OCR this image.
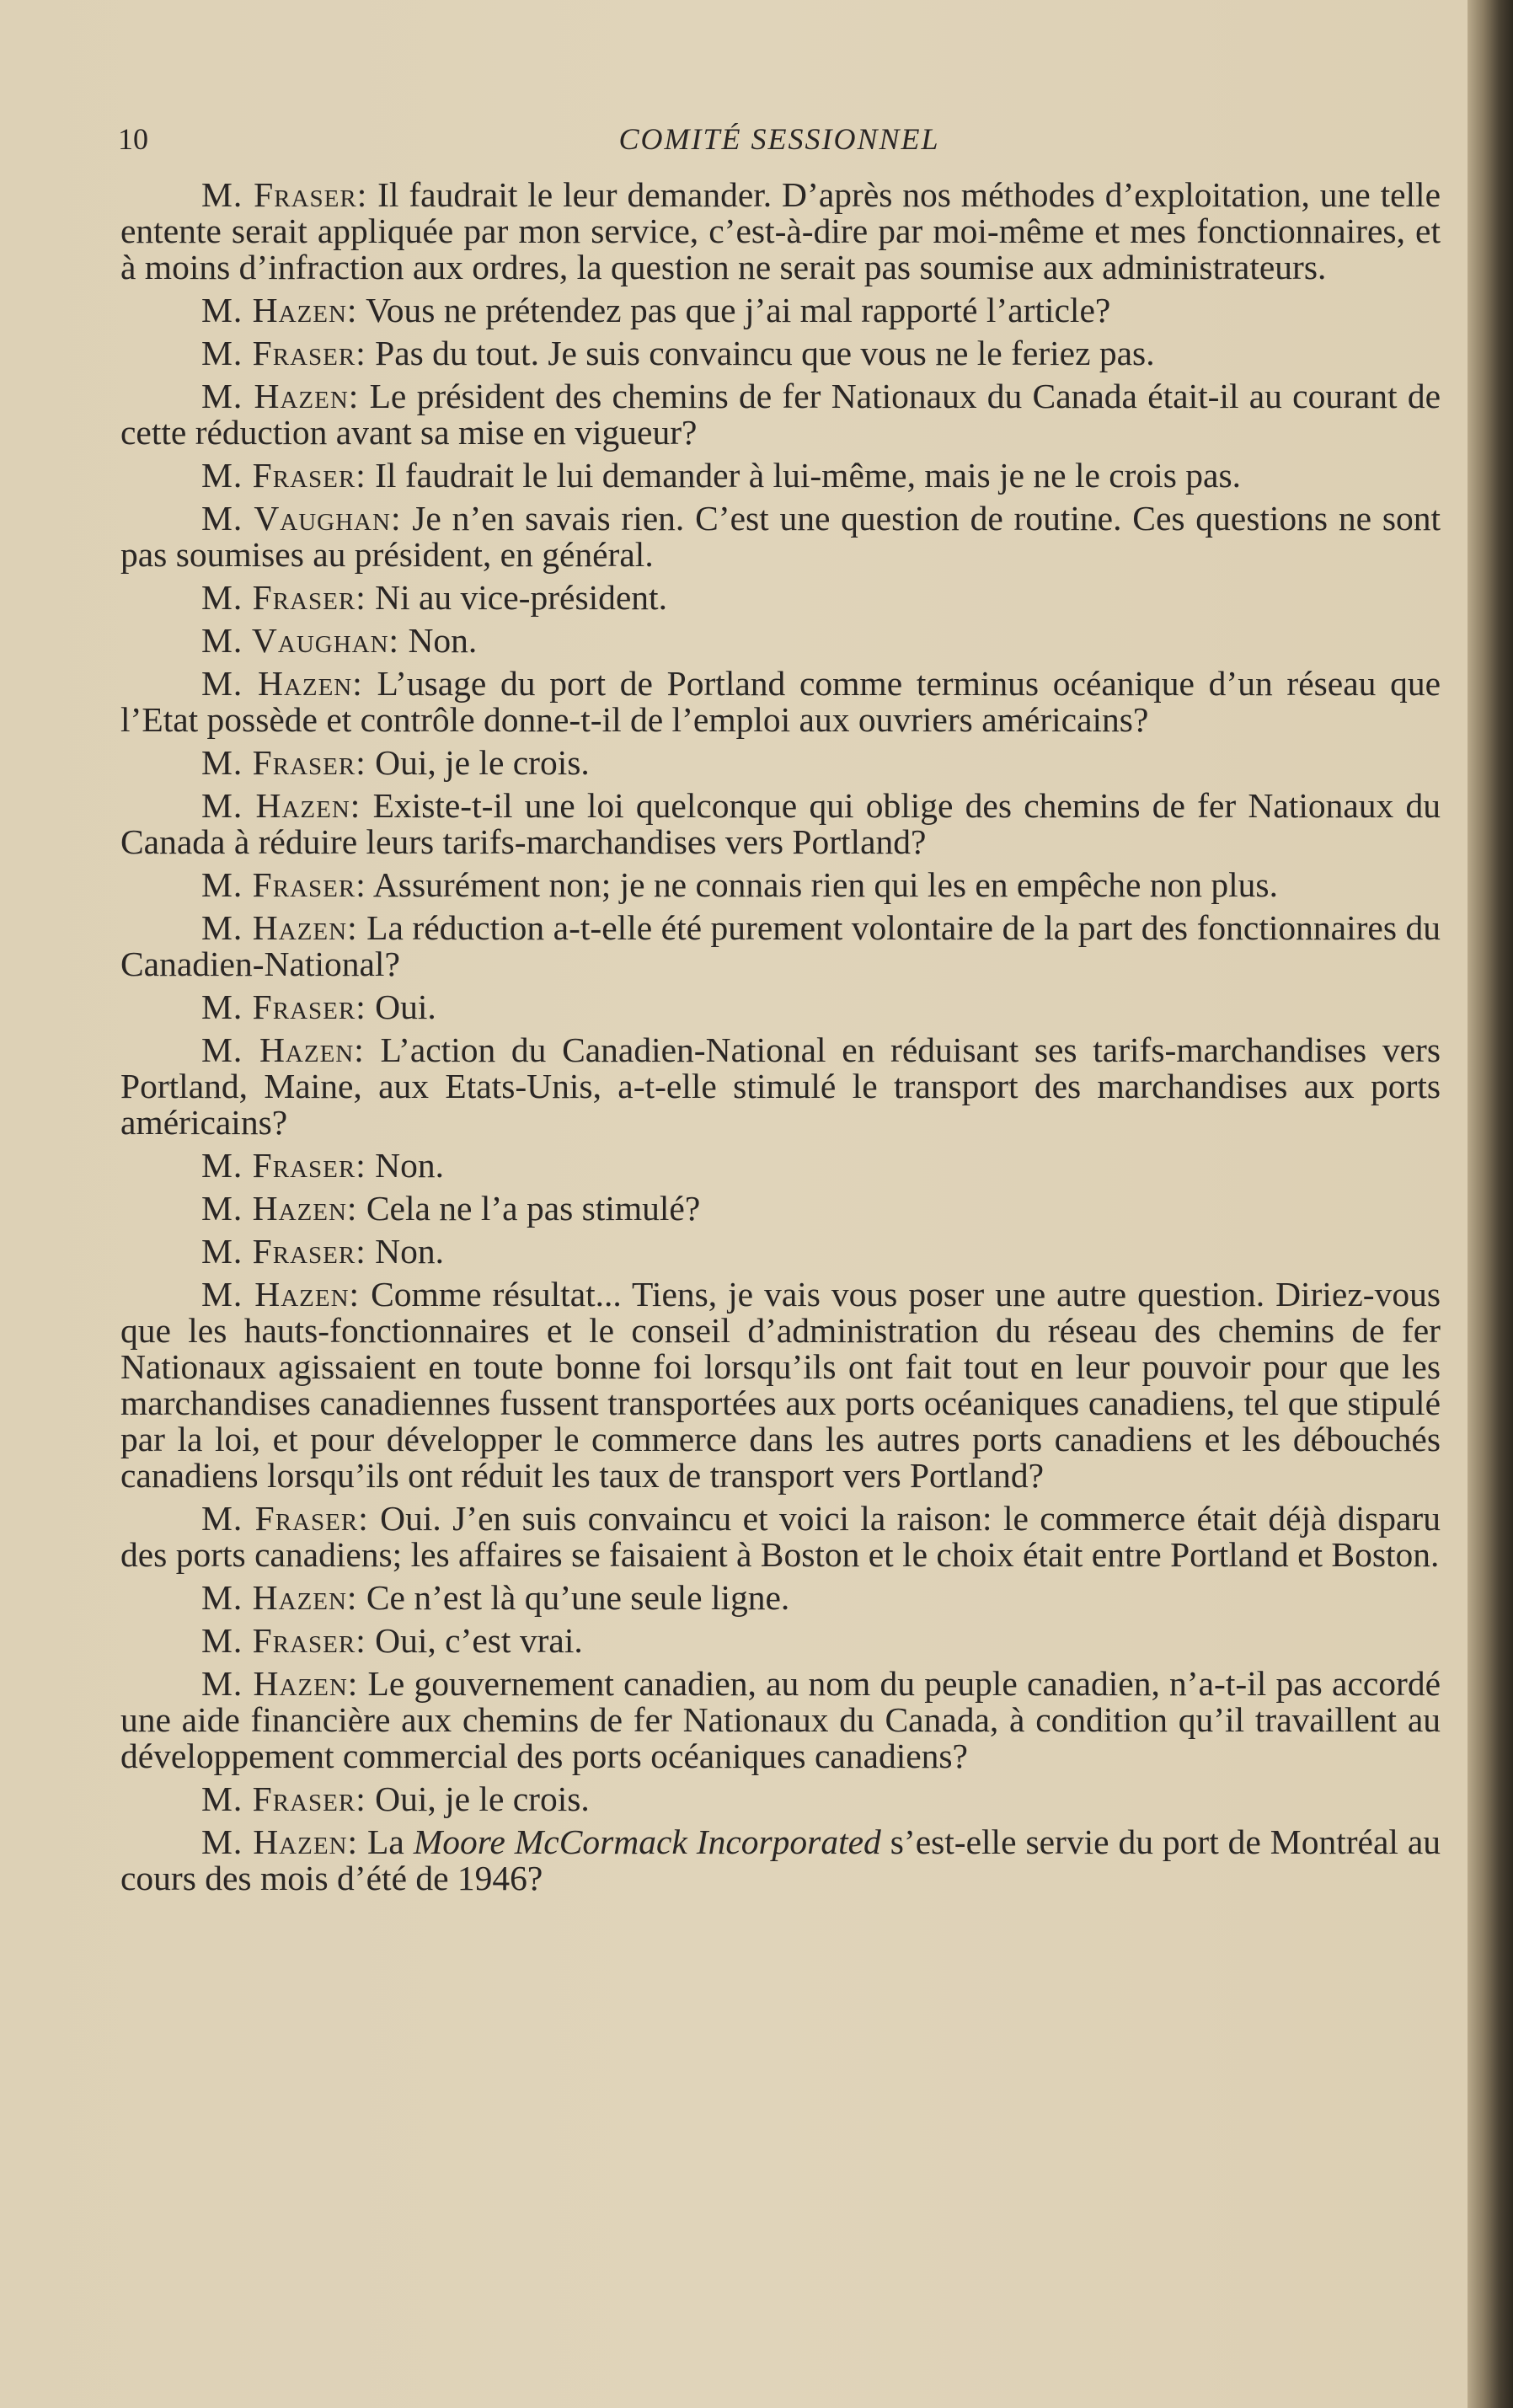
10	COMITÉ SESSIONNEL

M. Fraser: Il faudrait le leur demander. D’après nos méthodes d’exploitation, une telle entente serait appliquée par mon service, c’est-à-dire par moi-même et mes fonctionnaires, et à moins d’infraction aux ordres, la question ne serait pas soumise aux administrateurs.

M. Hazen: Vous ne prétendez pas que j’ai mal rapporté l’article?

M. Fraser: Pas du tout. Je suis convaincu que vous ne le feriez pas.

M. Hazen: Le président des chemins de fer Nationaux du Canada était-il au courant de cette réduction avant sa mise en vigueur?

M. Fraser: Il faudrait le lui demander à lui-même, mais je ne le crois pas.

M. Vaughan: Je n’en savais rien. C’est une question de routine. Ces questions ne sont pas soumises au président, en général.

M. Fraser: Ni au vice-président.

M. Vaughan: Non.

M. Hazen: L’usage du port de Portland comme terminus océanique d’un réseau que l’Etat possède et contrôle donne-t-il de l’emploi aux ouvriers américains?

M. Fraser: Oui, je le crois.

M. Hazen: Existe-t-il une loi quelconque qui oblige des chemins de fer Nationaux du Canada à réduire leurs tarifs-marchandises vers Portland?

M. Fraser: Assurément non; je ne connais rien qui les en empêche non plus.

M. Hazen: La réduction a-t-elle été purement volontaire de la part des fonctionnaires du Canadien-National?

M. Fraser: Oui.

M. Hazen: L’action du Canadien-National en réduisant ses tarifs-marchandises vers Portland, Maine, aux Etats-Unis, a-t-elle stimulé le transport des marchandises aux ports américains?

M. Fraser: Non.

M. Hazen: Cela ne l’a pas stimulé?

M. Fraser: Non.

M. Hazen: Comme résultat... Tiens, je vais vous poser une autre question. Diriez-vous que les hauts-fonctionnaires et le conseil d’administration du réseau des chemins de fer Nationaux agissaient en toute bonne foi lorsqu’ils ont fait tout en leur pouvoir pour que les marchandises canadiennes fussent transportées aux ports océaniques canadiens, tel que stipulé par la loi, et pour développer le commerce dans les autres ports canadiens et les débouchés canadiens lorsqu’ils ont réduit les taux de transport vers Portland?

M. Fraser: Oui. J’en suis convaincu et voici la raison: le commerce était déjà disparu des ports canadiens; les affaires se faisaient à Boston et le choix était entre Portland et Boston.

M. Hazen: Ce n’est là qu’une seule ligne.

M. Fraser: Oui, c’est vrai.

M. Hazen: Le gouvernement canadien, au nom du peuple canadien, n’a-t-il pas accordé une aide financière aux chemins de fer Nationaux du Canada, à condition qu’il travaillent au développement commercial des ports océaniques canadiens?

M. Fraser: Oui, je le crois.

M. Hazen: La Moore McCormack Incorporated s’est-elle servie du port de Montréal au cours des mois d’été de 1946?
